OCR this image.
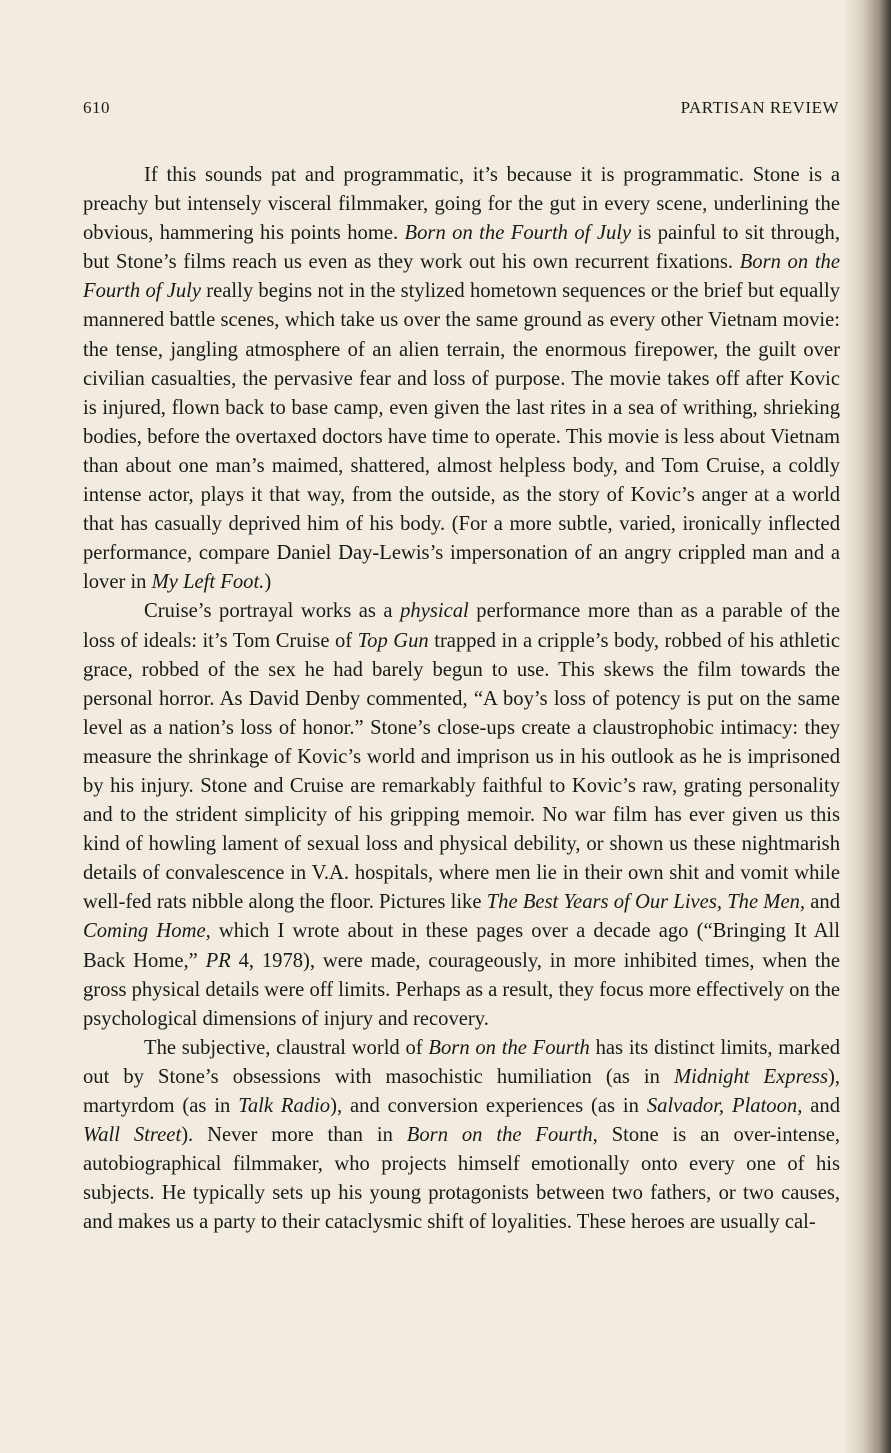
610	PARTISAN REVIEW

If this sounds pat and programmatic, it’s because it is programmatic. Stone is a preachy but intensely visceral filmmaker, going for the gut in every scene, underlining the obvious, hammering his points home. Born on the Fourth of July is painful to sit through, but Stone’s films reach us even as they work out his own recurrent fixations. Born on the Fourth of July really begins not in the stylized hometown sequences or the brief but equally mannered battle scenes, which take us over the same ground as every other Vietnam movie: the tense, jangling atmosphere of an alien terrain, the enormous firepower, the guilt over civilian casualties, the pervasive fear and loss of purpose. The movie takes off after Kovic is injured, flown back to base camp, even given the last rites in a sea of writhing, shrieking bodies, before the overtaxed doctors have time to operate. This movie is less about Vietnam than about one man’s maimed, shattered, almost helpless body, and Tom Cruise, a coldly intense actor, plays it that way, from the outside, as the story of Kovic’s anger at a world that has casually deprived him of his body. (For a more subtle, varied, ironically inflected performance, compare Daniel Day-Lewis’s impersonation of an angry crippled man and a lover in My Left Foot.)

Cruise’s portrayal works as a physical performance more than as a parable of the loss of ideals: it’s Tom Cruise of Top Gun trapped in a cripple’s body, robbed of his athletic grace, robbed of the sex he had barely begun to use. This skews the film towards the personal horror. As David Denby commented, “A boy’s loss of potency is put on the same level as a nation’s loss of honor.” Stone’s close-ups create a claustrophobic intimacy: they measure the shrinkage of Kovic’s world and imprison us in his outlook as he is imprisoned by his injury. Stone and Cruise are remarkably faithful to Kovic’s raw, grating personality and to the strident simplicity of his gripping memoir. No war film has ever given us this kind of howling lament of sexual loss and physical debility, or shown us these nightmarish details of convalescence in V.A. hospitals, where men lie in their own shit and vomit while well-fed rats nibble along the floor. Pictures like The Best Years of Our Lives, The Men, and Coming Home, which I wrote about in these pages over a decade ago (“Bringing It All Back Home,” PR 4, 1978), were made, courageously, in more inhibited times, when the gross physical details were off limits. Perhaps as a result, they focus more effectively on the psychological dimensions of injury and recovery.

The subjective, claustral world of Born on the Fourth has its distinct limits, marked out by Stone’s obsessions with masochistic humiliation (as in Midnight Express), martyrdom (as in Talk Radio), and conversion experiences (as in Salvador, Platoon, and Wall Street). Never more than in Born on the Fourth, Stone is an over-intense, autobiographical filmmaker, who projects himself emotionally onto every one of his subjects. He typically sets up his young protagonists between two fathers, or two causes, and makes us a party to their cataclysmic shift of loyalities. These heroes are usually cal-
